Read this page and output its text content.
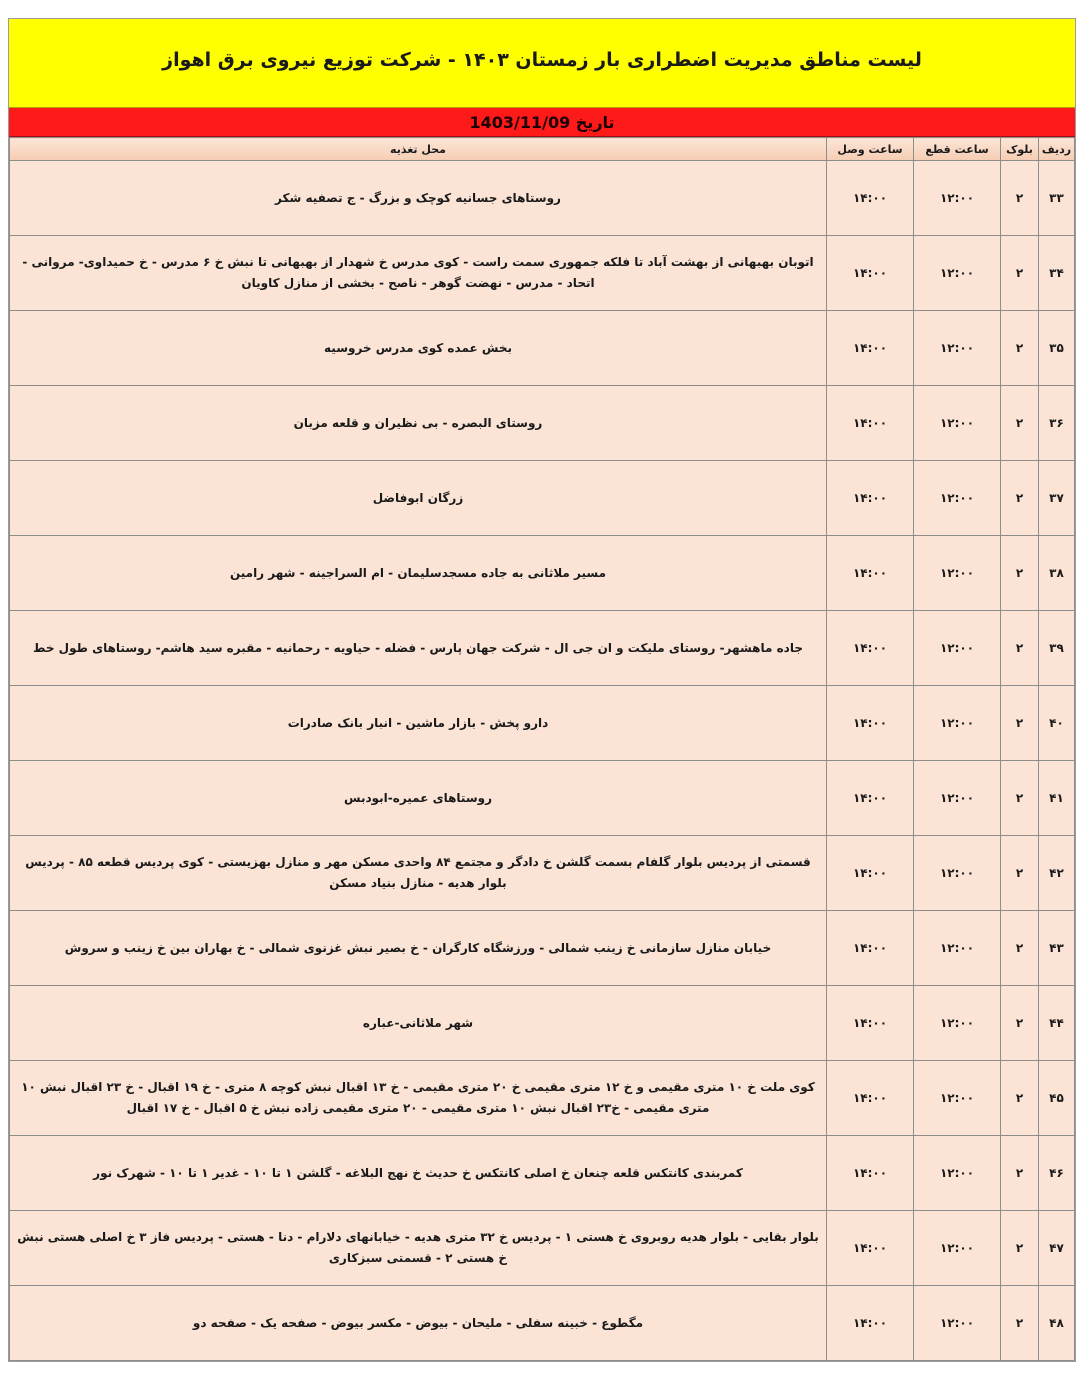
لیست مناطق مدیریت اضطراری بار زمستان ۱۴۰۳ - شرکت توزیع نیروی برق اهواز
تاریخ 1403/11/09
ردیف	بلوک	ساعت قطع	ساعت وصل	محل تغذیه
۳۳	۲	۱۲:۰۰	۱۴:۰۰	روستاهای جسانیه کوچک و بزرگ - ج تصفیه شکر
۳۴	۲	۱۲:۰۰	۱۴:۰۰	اتوبان بهبهانی از بهشت آباد تا فلکه جمهوری سمت راست - کوی مدرس خ شهدار از بهبهانی تا نبش خ ۶ مدرس - خ حمیداوی- مروانی - اتحاد - مدرس - نهضت گوهر - ناصح - بخشی از منازل کاویان
۳۵	۲	۱۲:۰۰	۱۴:۰۰	بخش عمده کوی مدرس خروسیه
۳۶	۲	۱۲:۰۰	۱۴:۰۰	روستای البصره - بی نظیران و قلعه مزبان
۳۷	۲	۱۲:۰۰	۱۴:۰۰	زرگان ابوفاضل
۳۸	۲	۱۲:۰۰	۱۴:۰۰	مسیر ملاثانی به جاده مسجدسلیمان - ام السراجینه - شهر رامین
۳۹	۲	۱۲:۰۰	۱۴:۰۰	جاده ماهشهر- روستای ملیکت و ان جی ال - شرکت جهان پارس - فضله - حیاویه - رحمانیه - مقبره سید هاشم- روستاهای طول خط
۴۰	۲	۱۲:۰۰	۱۴:۰۰	دارو پخش - بازار ماشین - انبار بانک صادرات
۴۱	۲	۱۲:۰۰	۱۴:۰۰	روستاهای عمیره-ابودبس
۴۲	۲	۱۲:۰۰	۱۴:۰۰	قسمتی از پردیس بلوار گلفام بسمت گلشن خ دادگر و مجتمع ۸۴ واحدی مسکن مهر و منازل بهزیستی - کوی پردیس قطعه ۸۵ - پردیس بلوار هدیه - منازل بنیاد مسکن
۴۳	۲	۱۲:۰۰	۱۴:۰۰	خیابان منازل سازمانی خ زینب شمالی - ورزشگاه کارگران - خ بصیر نبش غزنوی شمالی - خ بهاران بین خ زینب و سروش
۴۴	۲	۱۲:۰۰	۱۴:۰۰	شهر ملاثانی-عباره
۴۵	۲	۱۲:۰۰	۱۴:۰۰	کوی ملت خ ۱۰ متری مقیمی و خ ۱۲ متری مقیمی خ ۲۰ متری مقیمی - خ ۱۳ اقبال نبش کوچه ۸ متری - خ ۱۹ اقبال - خ ۲۳ اقبال نبش ۱۰ متری مقیمی - خ۲۳ اقبال نبش ۱۰ متری مقیمی - ۲۰ متری مقیمی زاده نبش خ ۵ اقبال - خ ۱۷ اقبال
۴۶	۲	۱۲:۰۰	۱۴:۰۰	کمربندی کانتکس قلعه چنعان خ اصلی کانتکس خ حدیث خ نهج البلاغه - گلشن ۱ تا ۱۰ - غدیر ۱ تا ۱۰ - شهرک نور
۴۷	۲	۱۲:۰۰	۱۴:۰۰	بلوار بقایی - بلوار هدیه روبروی خ هستی ۱ - پردیس خ ۳۲ متری هدیه - خیابانهای دلارام - دنا - هستی - پردیس فاز ۳ خ اصلی هستی نبش خ هستی ۲ - قسمتی سبزکاری
۴۸	۲	۱۲:۰۰	۱۴:۰۰	مگطوع - خبینه سفلی - ملیحان - بیوض - مکسر بیوض - صفحه یک - صفحه دو
